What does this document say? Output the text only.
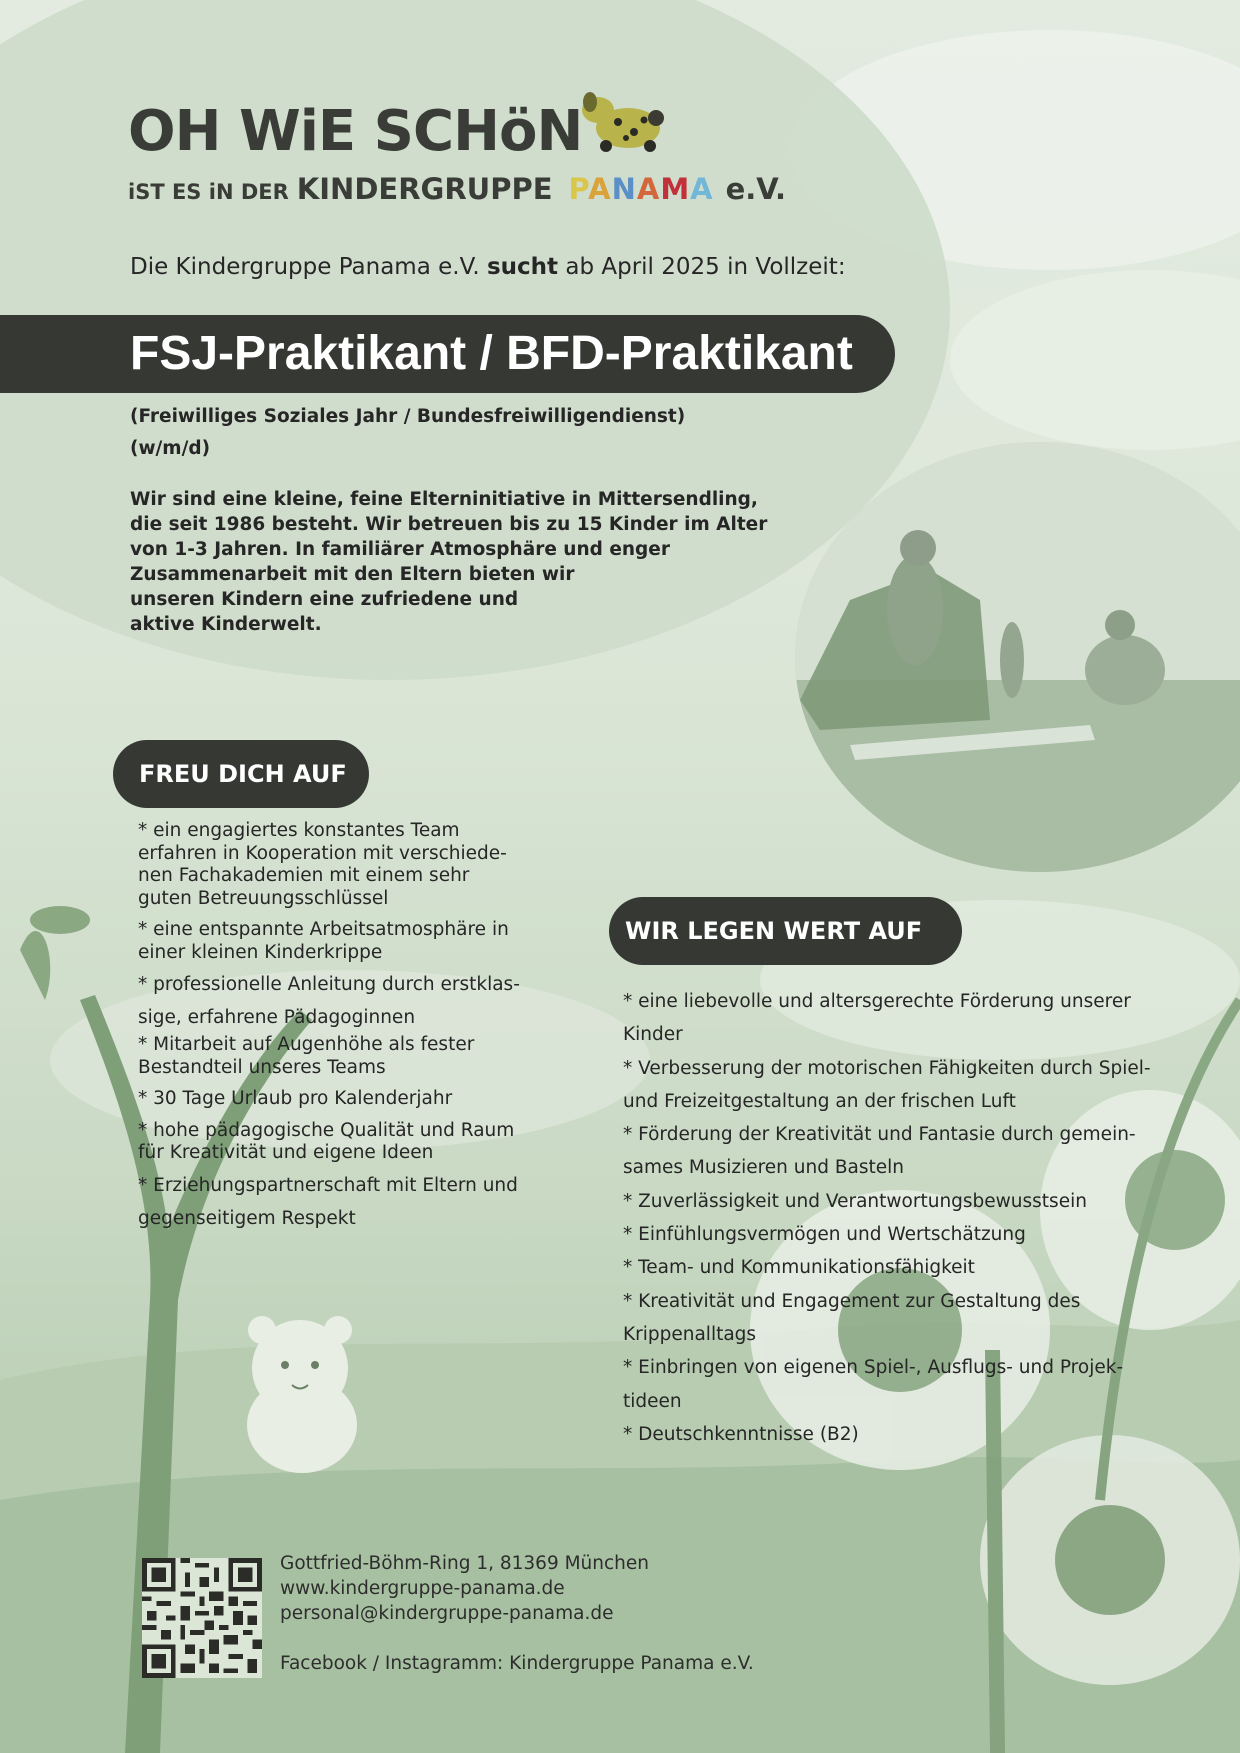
OH WiE SCHöN
iST ES iN DER KINDERGRUPPE PANAMA e.V.
Die Kindergruppe Panama e.V. sucht ab April 2025 in Vollzeit:
FSJ-Praktikant / BFD-Praktikant
(Freiwilliges Soziales Jahr / Bundesfreiwilligendienst)
(w/m/d)
Wir sind eine kleine, feine Elterninitiative in Mittersendling,
die seit 1986 besteht. Wir betreuen bis zu 15 Kinder im Alter
von 1-3 Jahren. In familiärer Atmosphäre und enger
Zusammenarbeit mit den Eltern bieten wir
unseren Kindern eine zufriedene und
aktive Kinderwelt.
FREU DICH AUF
* ein engagiertes konstantes Team
erfahren in Kooperation mit verschiede-
nen Fachakademien mit einem sehr
guten Betreuungsschlüssel
* eine entspannte Arbeitsatmosphäre in
einer kleinen Kinderkrippe
* professionelle Anleitung durch erstklas-
sige, erfahrene Pädagoginnen
* Mitarbeit auf Augenhöhe als fester
Bestandteil unseres Teams
* 30 Tage Urlaub pro Kalenderjahr
* hohe pädagogische Qualität und Raum
für Kreativität und eigene Ideen
* Erziehungspartnerschaft mit Eltern und
gegenseitigem Respekt
WIR LEGEN WERT AUF
* eine liebevolle und altersgerechte Förderung unserer
Kinder
* Verbesserung der motorischen Fähigkeiten durch Spiel-
und Freizeitgestaltung an der frischen Luft
* Förderung der Kreativität und Fantasie durch gemein-
sames Musizieren und Basteln
* Zuverlässigkeit und Verantwortungsbewusstsein
* Einfühlungsvermögen und Wertschätzung
* Team- und Kommunikationsfähigkeit
* Kreativität und Engagement zur Gestaltung des
Krippenalltags
* Einbringen von eigenen Spiel-, Ausflugs- und Projek-
tideen
* Deutschkenntnisse (B2)
Gottfried-Böhm-Ring 1, 81369 München
www.kindergruppe-panama.de
personal@kindergruppe-panama.de
Facebook / Instagramm: Kindergruppe Panama e.V.
